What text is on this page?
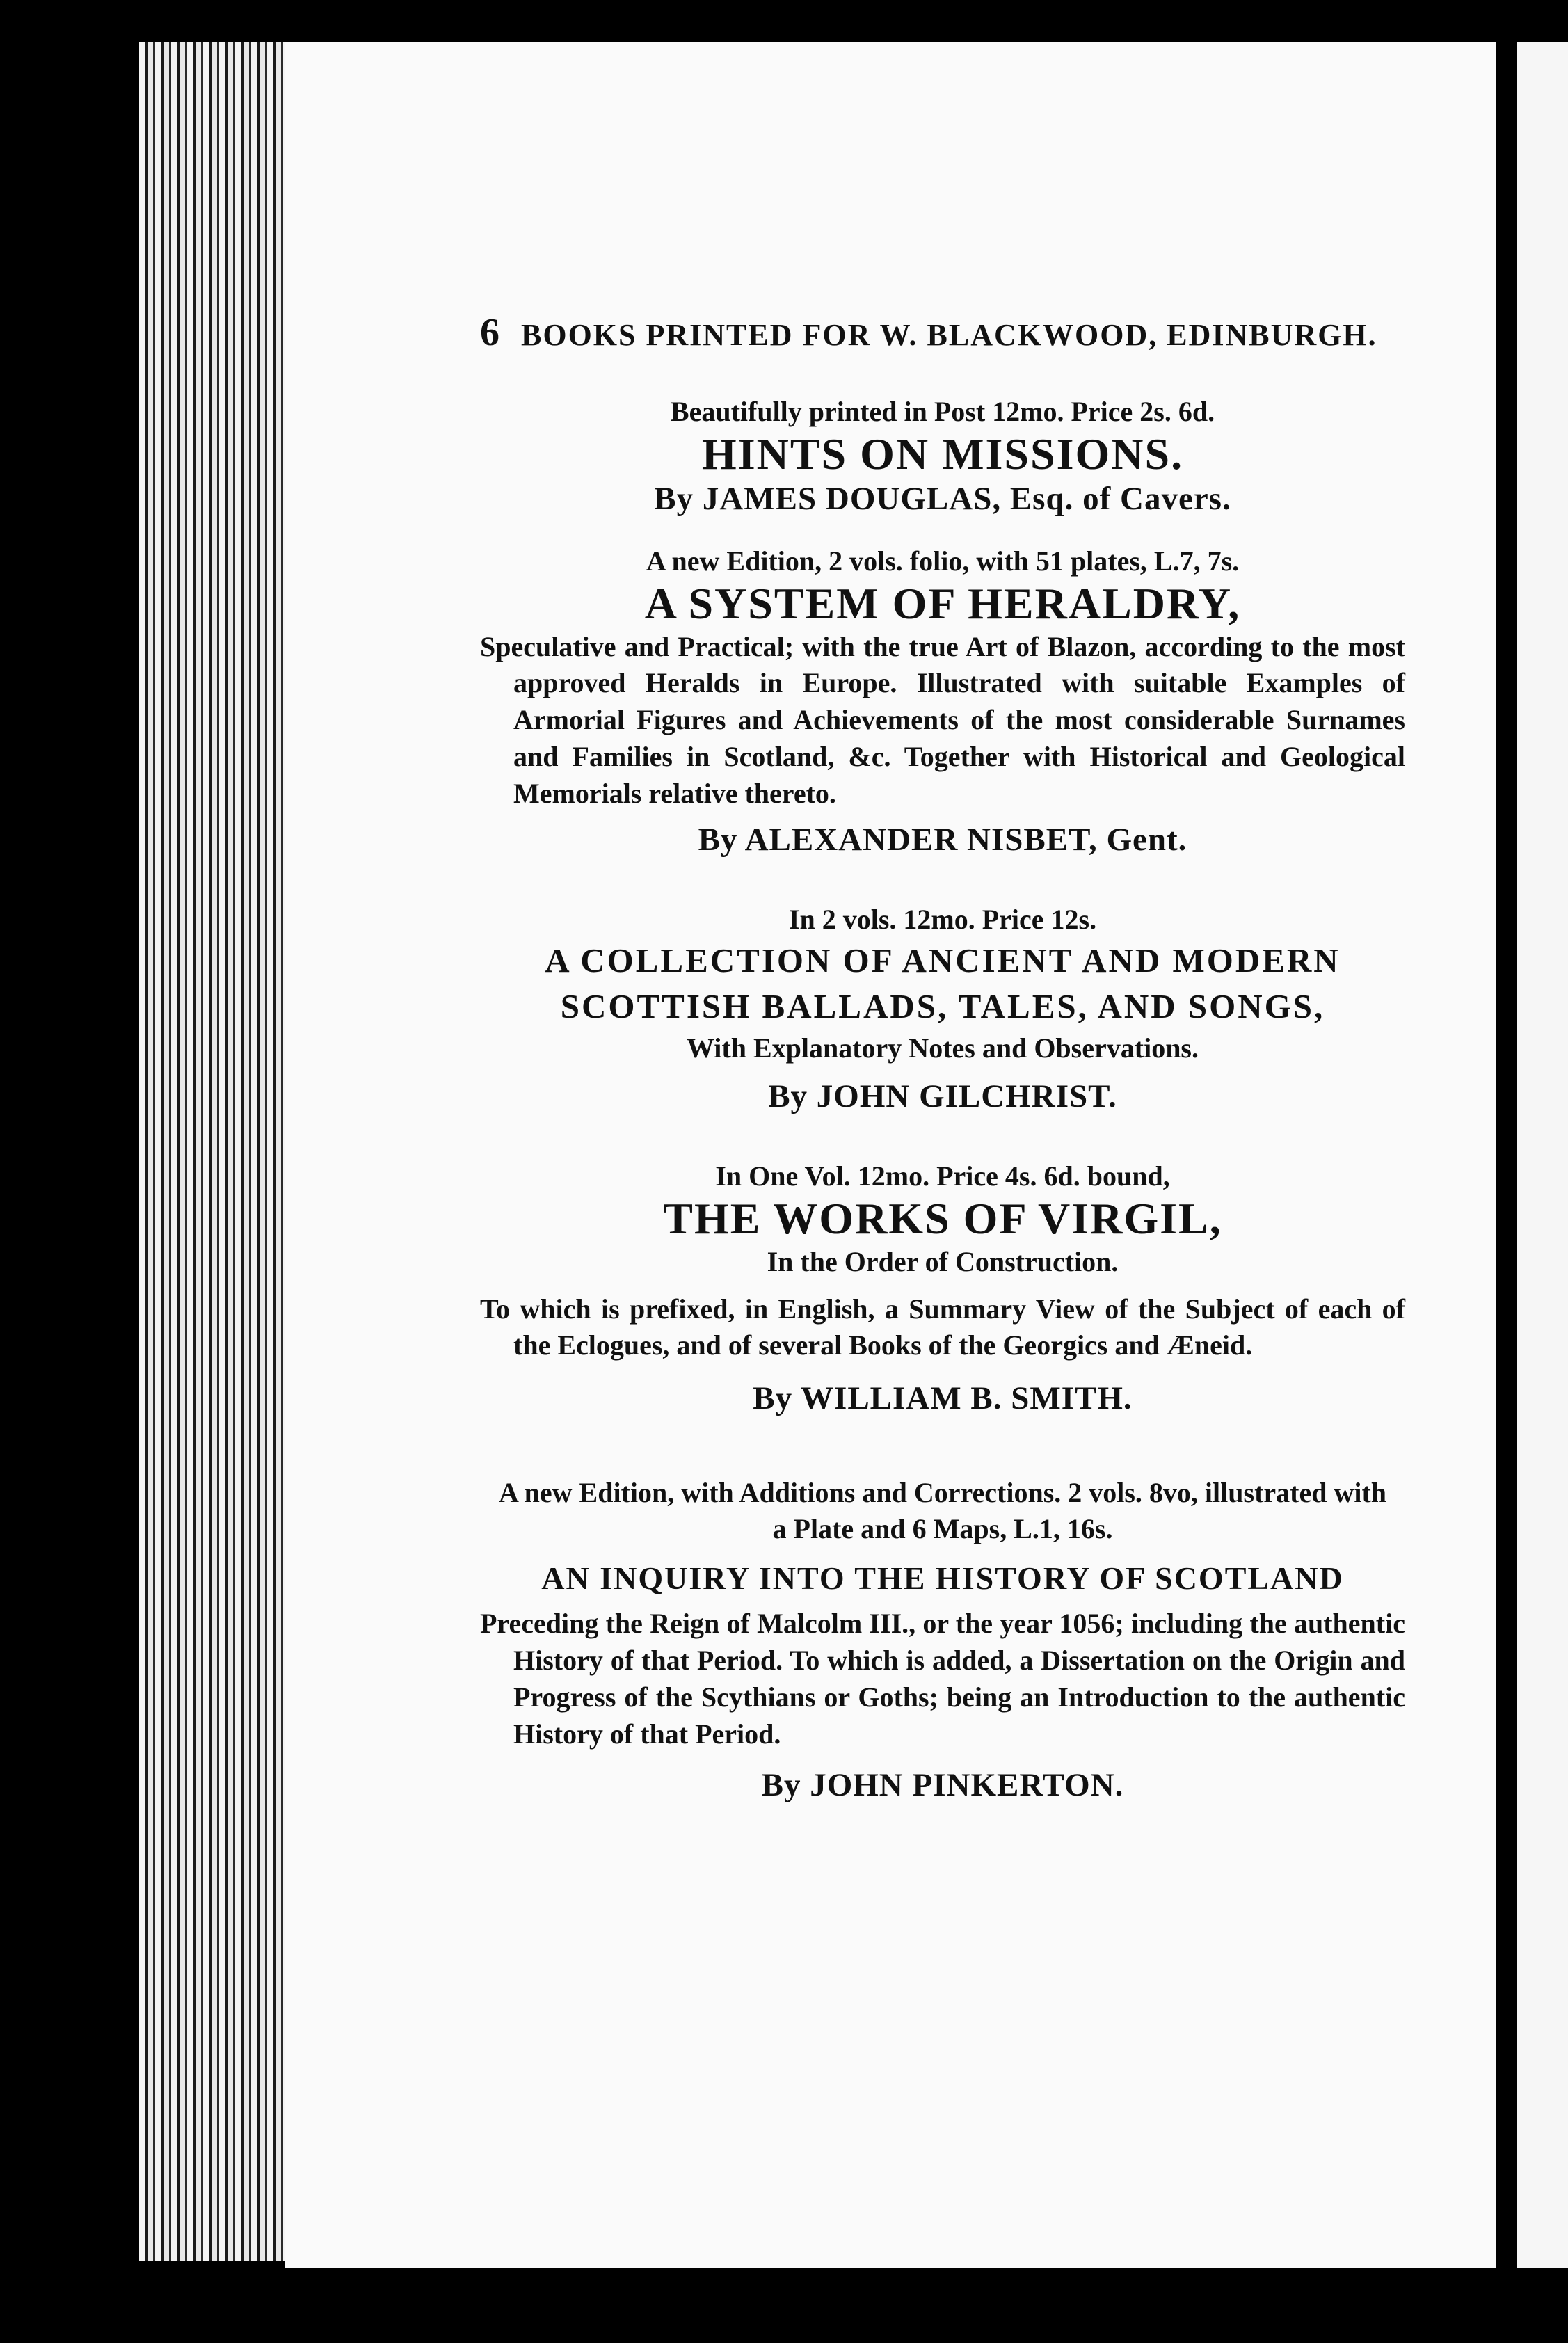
6 BOOKS PRINTED FOR W. BLACKWOOD, EDINBURGH.
Beautifully printed in Post 12mo. Price 2s. 6d.
HINTS ON MISSIONS.
By JAMES DOUGLAS, Esq. of Cavers.
A new Edition, 2 vols. folio, with 51 plates, L.7, 7s.
A SYSTEM OF HERALDRY,
Speculative and Practical; with the true Art of Blazon, according to the most approved Heralds in Europe. Illustrated with suitable Examples of Armorial Figures and Achievements of the most considerable Surnames and Families in Scotland, &c. Together with Historical and Geological Memorials relative thereto.
By ALEXANDER NISBET, Gent.
In 2 vols. 12mo. Price 12s.
A COLLECTION OF ANCIENT AND MODERN
SCOTTISH BALLADS, TALES, AND SONGS,
With Explanatory Notes and Observations.
By JOHN GILCHRIST.
In One Vol. 12mo. Price 4s. 6d. bound,
THE WORKS OF VIRGIL,
In the Order of Construction.
To which is prefixed, in English, a Summary View of the Subject of each of the Eclogues, and of several Books of the Georgics and Æneid.
By WILLIAM B. SMITH.
A new Edition, with Additions and Corrections. 2 vols. 8vo, illustrated with a Plate and 6 Maps, L.1, 16s.
AN INQUIRY INTO THE HISTORY OF SCOTLAND
Preceding the Reign of Malcolm III., or the year 1056; including the authentic History of that Period. To which is added, a Dissertation on the Origin and Progress of the Scythians or Goths; being an Introduction to the authentic History of that Period.
By JOHN PINKERTON.
